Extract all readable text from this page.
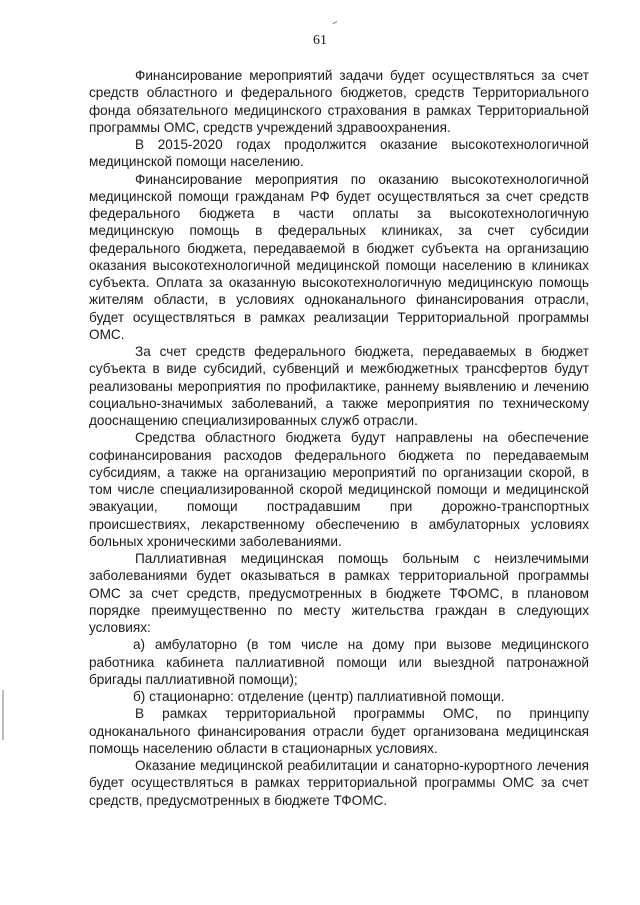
61

Финансирование мероприятий задачи будет осуществляться за счет средств областного и федерального бюджетов, средств Территориального фонда обязательного медицинского страхования в рамках Территориальной программы ОМС, средств учреждений здравоохранения.

В 2015-2020 годах продолжится оказание высокотехнологичной медицинской помощи населению.

Финансирование мероприятия по оказанию высокотехнологичной медицинской помощи гражданам РФ будет осуществляться за счет средств федерального бюджета в части оплаты за высокотехнологичную медицинскую помощь в федеральных клиниках, за счет субсидии федерального бюджета, передаваемой в бюджет субъекта на организацию оказания высокотехнологичной медицинской помощи населению в клиниках субъекта. Оплата за оказанную высокотехнологичную медицинскую помощь жителям области, в условиях одноканального финансирования отрасли, будет осуществляться в рамках реализации Территориальной программы ОМС.

За счет средств федерального бюджета, передаваемых в бюджет субъекта в виде субсидий, субвенций и межбюджетных трансфертов будут реализованы мероприятия по профилактике, раннему выявлению и лечению социально-значимых заболеваний, а также мероприятия по техническому дооснащению специализированных служб отрасли.

Средства областного бюджета будут направлены на обеспечение софинансирования расходов федерального бюджета по передаваемым субсидиям, а также на организацию мероприятий по организации скорой, в том числе специализированной скорой медицинской помощи и медицинской эвакуации, помощи пострадавшим при дорожно-транспортных происшествиях, лекарственному обеспечению в амбулаторных условиях больных хроническими заболеваниями.

Паллиативная медицинская помощь больным с неизлечимыми заболеваниями будет оказываться в рамках территориальной программы ОМС за счет средств, предусмотренных в бюджете ТФОМС, в плановом порядке преимущественно по месту жительства граждан в следующих условиях:

а) амбулаторно (в том числе на дому при вызове медицинского работника кабинета паллиативной помощи или выездной патронажной бригады паллиативной помощи);

б) стационарно: отделение (центр) паллиативной помощи.

В рамках территориальной программы ОМС, по принципу одноканального финансирования отрасли будет организована медицинская помощь населению области в стационарных условиях.

Оказание медицинской реабилитации и санаторно-курортного лечения будет осуществляться в рамках территориальной программы ОМС за счет средств, предусмотренных в бюджете ТФОМС.
